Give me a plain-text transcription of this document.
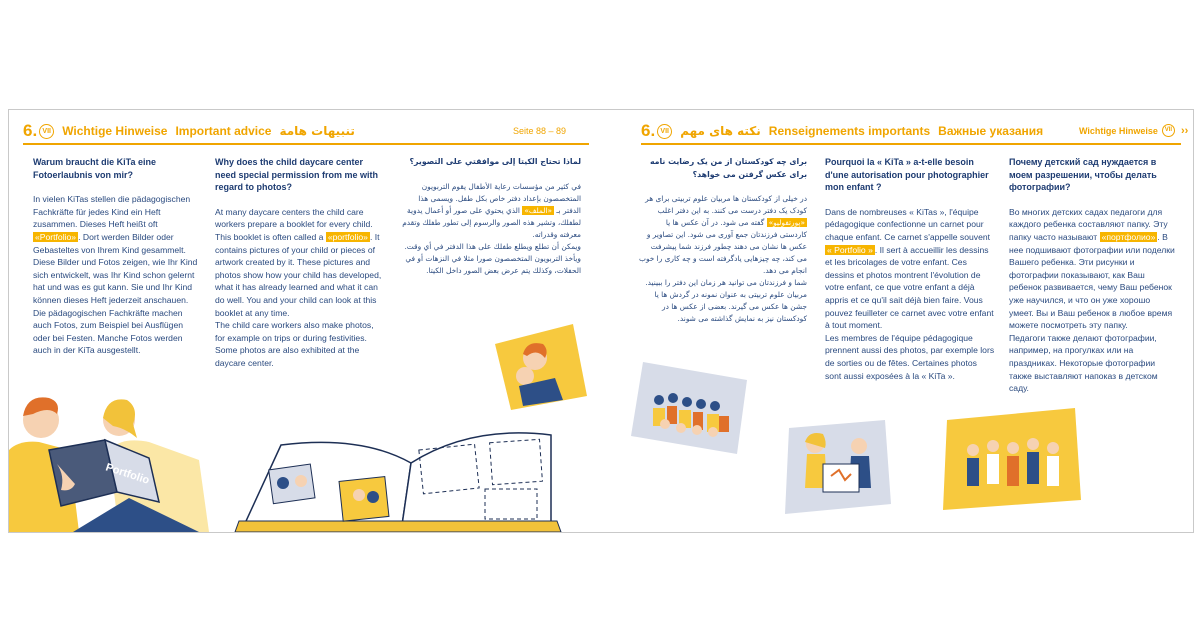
6. VII Wichtige Hinweise Important advice تنبيهات هامة	Seite 88 – 89	6. VII نکته های مهم Renseignements importants Важные указания	Wichtige Hinweise	VII ››
Warum braucht die KiTa eine Fotoerlaubnis von mir?

In vielen KiTas stellen die pädagogischen Fachkräfte für jedes Kind ein Heft zusammen. Dieses Heft heißt oft «Portfolio» . Dort werden Bilder oder Gebasteltes von Ihrem Kind gesammelt. Diese Bilder und Fotos zeigen, wie Ihr Kind sich entwickelt, was Ihr Kind schon gelernt hat und was es gut kann. Sie und Ihr Kind können dieses Heft jederzeit anschauen.

Die pädagogischen Fachkräfte machen auch Fotos, zum Beispiel bei Ausflügen oder bei Festen. Manche Fotos werden auch in der KiTa ausgestellt.

Why does the child daycare center need special permission from me with regard to photos?

At many daycare centers the child care workers prepare a booklet for every child. This booklet is often called a «portfolio» . It contains pictures of your child or pieces of artwork created by it. These pictures and photos show how your child has developed, what it has already learned and what it can do well. You and your child can look at this booklet at any time.

The child care workers also make photos, for example on trips or during festivities. Some photos are also exhibited at the daycare center.

لماذا تحتاج الكيتا إلى موافقتي على التصوير؟

في كثير من مؤسسات رعاية الأطفال يقوم التربويون المتخصصون بإعداد دفتر خاص بكل طفل. ويسمى هذا الدفتر بـ «الملف» الذي يحتوي على صور أو أعمال يدوية لطفلك، وتشير هذه الصور والرسوم إلى تطور طفلك وتقدم معرفته وقدراته.

ويمكن أن تطلع ويطلع طفلك على هذا الدفتر في أي وقت. ويأخذ التربويون المتخصصون صورا مثلا في النزهات أو في الحفلات، وكذلك يتم عرض بعض الصور داخل الكيتا.

برای چه کودکستان از من یک رضایت نامه برای عکس گرفتن می خواهد؟

در خیلی از کودکستان ها مربیان علوم تربیتی برای هر کودک یک دفتر درست می کنند. به این دفتر اغلب «پورتفولیو» گفته می شود. در آن عکس ها یا کاردستی فرزندتان جمع آوری می شود. این تصاویر و عکس ها نشان می دهند چطور فرزند شما پیشرفت می کند، چه چیزهایی یادگرفته است و چه کاری را خوب انجام می دهد.

شما و فرزندتان می توانید هر زمان این دفتر را ببینید. مربیان علوم تربیتی به عنوان نمونه در گردش ها یا جشن ها عکس می گیرند. بعضی از عکس ها در کودکستان نیز به نمایش گذاشته می شوند.

Pourquoi la « KiTa » a-t-elle besoin d'une autorisation pour photographier mon enfant ?

Dans de nombreuses « KiTas », l'équipe pédagogique confectionne un carnet pour chaque enfant. Ce carnet s'appelle souvent « Portfolio » . Il sert à accueillir les dessins et les bricolages de votre enfant. Ces dessins et photos montrent l'évolution de votre enfant, ce que votre enfant a déjà appris et ce qu'il sait déjà bien faire. Vous pouvez feuilleter ce carnet avec votre enfant à tout moment.

Les membres de l'équipe pédagogique prennent aussi des photos, par exemple lors de sorties ou de fêtes. Certaines photos sont aussi exposées à la « KiTa ».

Почему детский сад нуждается в моем разрешении, чтобы делать фотографии?

Во многих детских садах педагоги для каждого ребенка составляют папку. Эту папку часто называют «портфолио» . В нее подшивают фотографии или поделки Вашего ребенка. Эти рисунки и фотографии показывают, как Ваш ребенок развивается, чему Ваш ребенок уже научился, и что он уже хорошо умеет. Вы и Ваш ребенок в любое время можете посмотреть эту папку.

Педагоги также делают фотографии, например, на прогулках или на праздниках. Некоторые фотографии также выставляют напоказ в детском саду.

Portfolio
